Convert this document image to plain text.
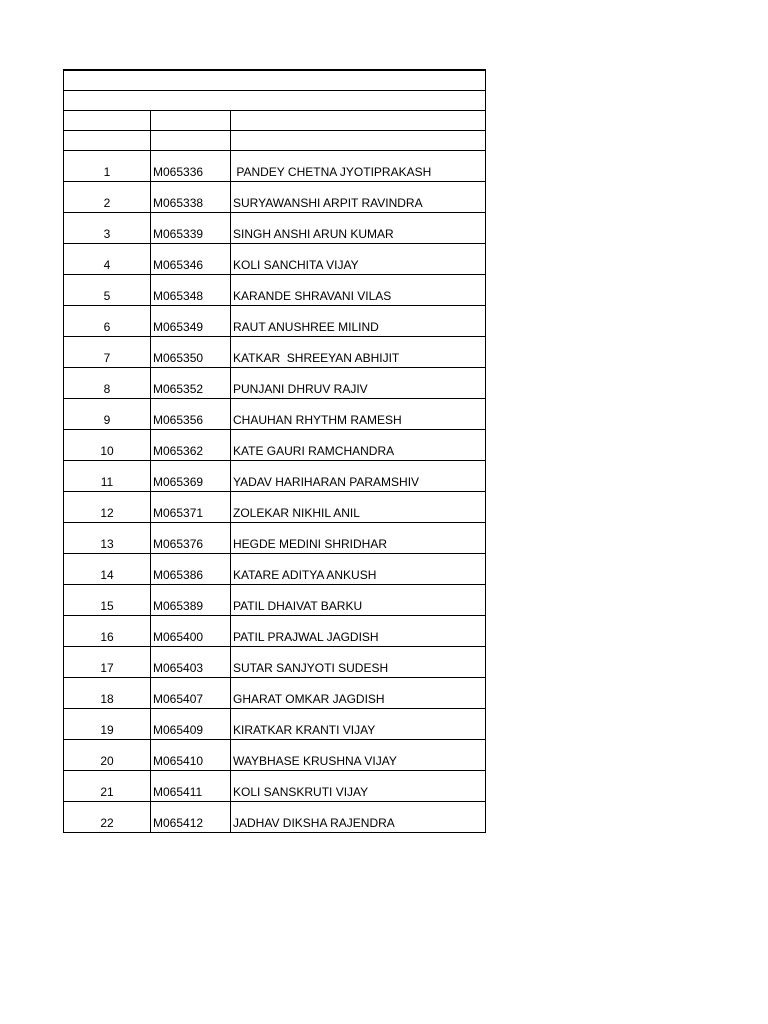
1	M065336	PANDEY CHETNA JYOTIPRAKASH
2	M065338	SURYAWANSHI ARPIT RAVINDRA
3	M065339	SINGH ANSHI ARUN KUMAR
4	M065346	KOLI SANCHITA VIJAY
5	M065348	KARANDE SHRAVANI VILAS
6	M065349	RAUT ANUSHREE MILIND
7	M065350	KATKAR  SHREEYAN ABHIJIT
8	M065352	PUNJANI DHRUV RAJIV
9	M065356	CHAUHAN RHYTHM RAMESH
10	M065362	KATE GAURI RAMCHANDRA
11	M065369	YADAV HARIHARAN PARAMSHIV
12	M065371	ZOLEKAR NIKHIL ANIL
13	M065376	HEGDE MEDINI SHRIDHAR
14	M065386	KATARE ADITYA ANKUSH
15	M065389	PATIL DHAIVAT BARKU
16	M065400	PATIL PRAJWAL JAGDISH
17	M065403	SUTAR SANJYOTI SUDESH
18	M065407	GHARAT OMKAR JAGDISH
19	M065409	KIRATKAR KRANTI VIJAY
20	M065410	WAYBHASE KRUSHNA VIJAY
21	M065411	KOLI SANSKRUTI VIJAY
22	M065412	JADHAV DIKSHA RAJENDRA
